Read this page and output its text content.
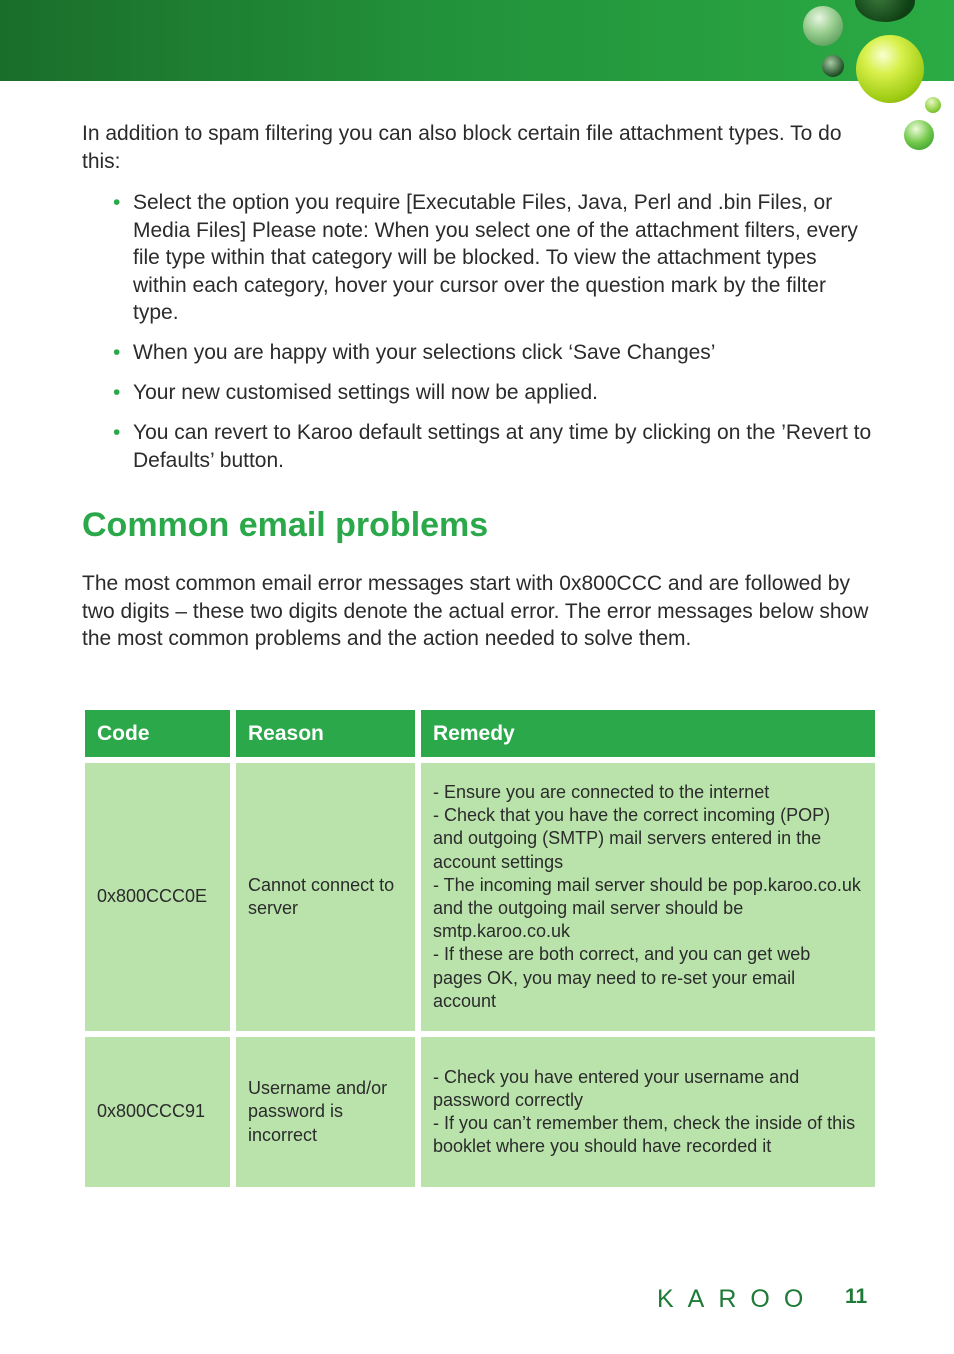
In addition to spam filtering you can also block certain file attachment types. To do this:

• Select the option you require [Executable Files, Java, Perl and .bin Files, or Media Files] Please note: When you select one of the attachment filters, every file type within that category will be blocked. To view the attachment types within each category, hover your cursor over the question mark by the filter type.
• When you are happy with your selections click ‘Save Changes’
• Your new customised settings will now be applied.
• You can revert to Karoo default settings at any time by clicking on the ’Revert to Defaults’ button.
Common email problems

The most common email error messages start with 0x800CCC and are followed by two digits – these two digits denote the actual error. The error messages below show the most common problems and the action needed to solve them.

Code	Reason	Remedy
0x800CCC0E	Cannot connect to server	- Ensure you are connected to the internet
- Check that you have the correct incoming (POP) and outgoing (SMTP) mail servers entered in the account settings
- The incoming mail server should be pop.karoo.co.uk and the outgoing mail server should be smtp.karoo.co.uk
- If these are both correct, and you can get web pages OK, you may need to re-set your email account

0x800CCC91	Username and/or password is incorrect	- Check you have entered your username and password correctly
- If you can’t remember them, check the inside of this booklet where you should have recorded it
KAROO 11
